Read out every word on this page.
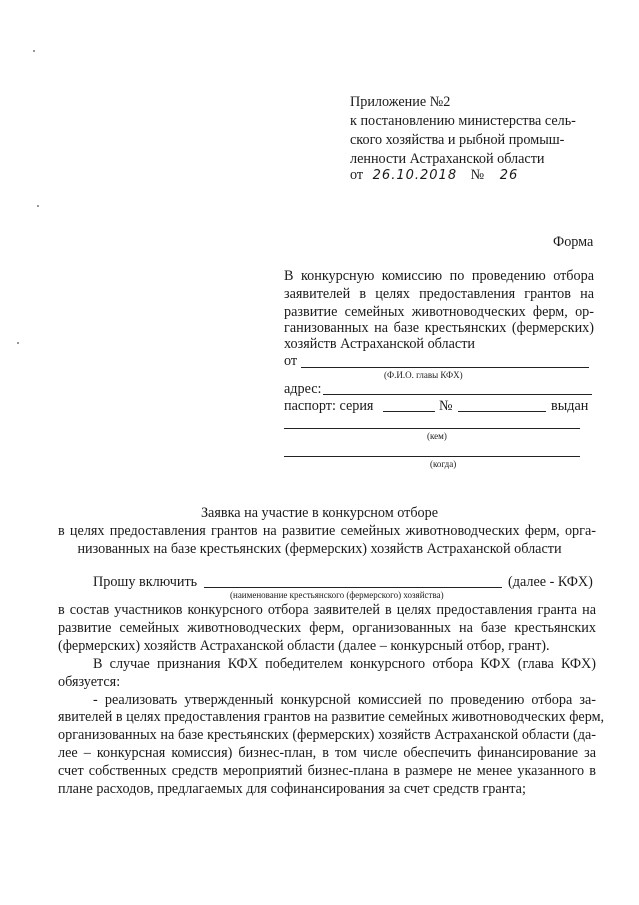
Приложение №2
к постановлению министерства сель-
ского хозяйства и рыбной промыш-
ленности Астраханской области
от 26.10.2018 № 26
Форма
В конкурсную комиссию по проведению отбора
заявителей в целях предоставления грантов на
развитие семейных животноводческих ферм, ор-
ганизованных на базе крестьянских (фермерских)
хозяйств Астраханской области
от
(Ф.И.О. главы КФХ)
адрес:
паспорт: серия	№	выдан
(кем)
(когда)
Заявка на участие в конкурсном отборе
в целях предоставления грантов на развитие семейных животноводческих ферм, орга-
низованных на базе крестьянских (фермерских) хозяйств Астраханской области
Прошу включить	(далее - КФХ)
(наименование крестьянского (фермерского) хозяйства)
в состав участников конкурсного отбора заявителей в целях предоставления гранта на
развитие семейных животноводческих ферм, организованных на базе крестьянских
(фермерских) хозяйств Астраханской области (далее – конкурсный отбор, грант).
В случае признания КФХ победителем конкурсного отбора КФХ (глава КФХ)
обязуется:
- реализовать утвержденный конкурсной комиссией по проведению отбора за-
явителей в целях предоставления грантов на развитие семейных животноводческих ферм,
организованных на базе крестьянских (фермерских) хозяйств Астраханской области (да-
лее – конкурсная комиссия) бизнес-план, в том числе обеспечить финансирование за
счет собственных средств мероприятий бизнес-плана в размере не менее указанного в
плане расходов, предлагаемых для софинансирования за счет средств гранта;
